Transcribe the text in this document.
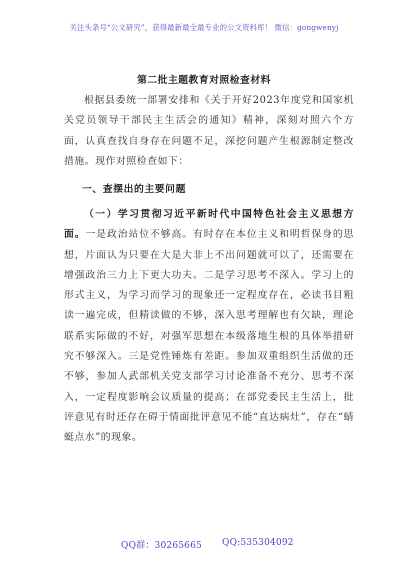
关注头条号“公文研究”，获得最新最全最专业的公文资料库！ 微信：gongwenyj
第二批主题教育对照检查材料
根据县委统一部署安排和《关于开好2023年度党和国家机关党员领导干部民主生活会的通知》精神，深刻对照六个方面，认真查找自身存在问题不足，深挖问题产生根源制定整改措施。现作对照检查如下：
一、查摆出的主要问题
（一）学习贯彻习近平新时代中国特色社会主义思想方面。一是政治站位不够高。有时存在本位主义和明哲保身的思想，片面认为只要在大是大非上不出问题就可以了，还需要在增强政治三力上下更大功夫。二是学习思考不深入。学习上的形式主义，为学习而学习的现象还一定程度存在，必读书目粗读一遍完成，但精读做的不够，深入思考理解也有欠缺，理论联系实际做的不好，对强军思想在本级落地生根的具体举措研究不够深入。三是党性锤炼有差距。参加双重组织生活做的还不够，参加人武部机关党支部学习讨论准备不充分、思考不深入，一定程度影响会议质量的提高；在部党委民主生活上，批评意见有时还存在碍于情面批评意见不能“直达病灶”，存在“蜻蜓点水”的现象。
QQ群：30265665 QQ:535304092
